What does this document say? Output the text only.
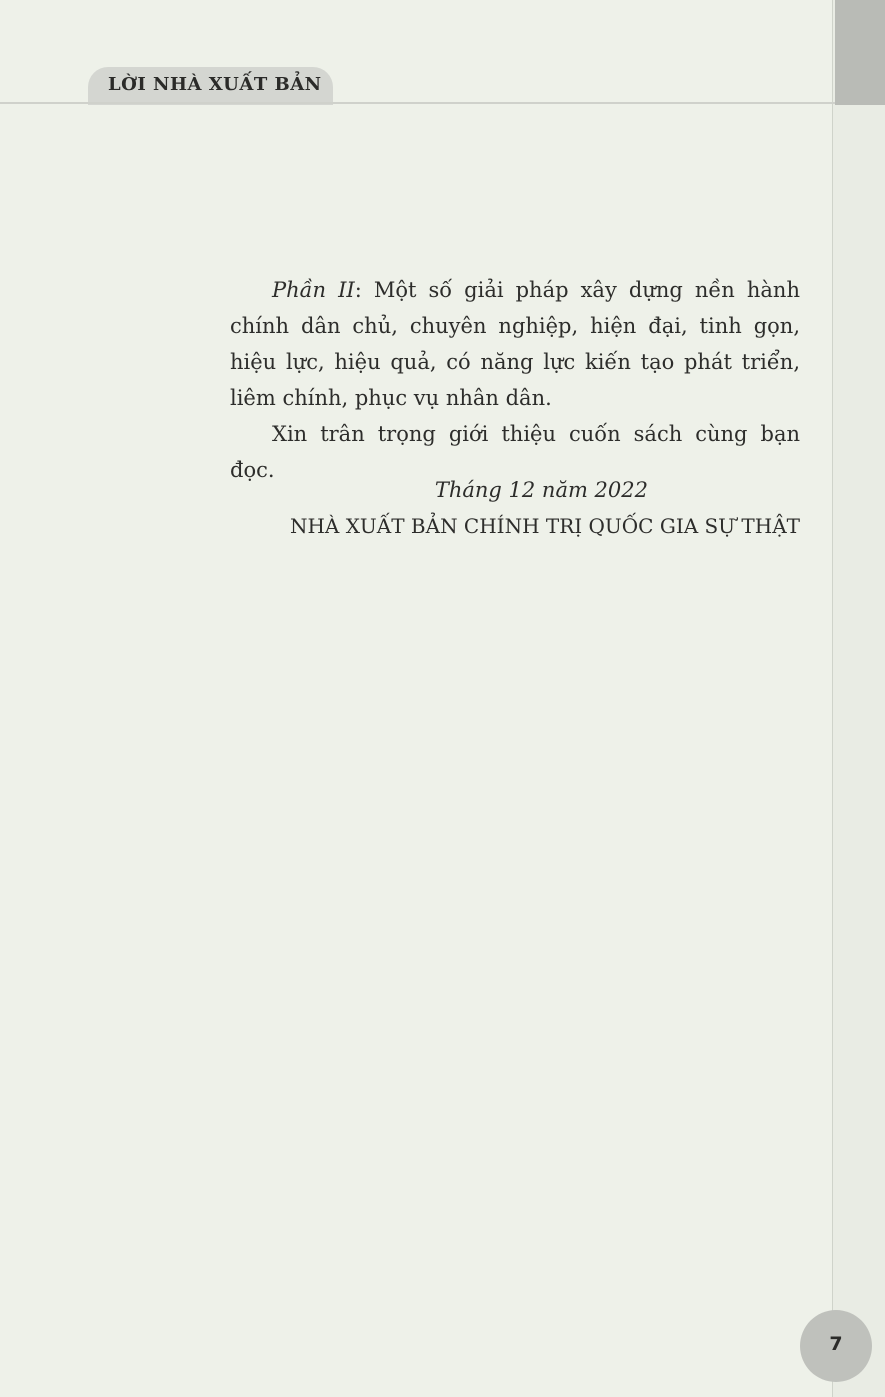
LỜI NHÀ XUẤT BẢN

Phần II: Một số giải pháp xây dựng nền hành chính dân chủ, chuyên nghiệp, hiện đại, tinh gọn, hiệu lực, hiệu quả, có năng lực kiến tạo phát triển, liêm chính, phục vụ nhân dân.

Xin trân trọng giới thiệu cuốn sách cùng bạn đọc.

Tháng 12 năm 2022
NHÀ XUẤT BẢN CHÍNH TRỊ QUỐC GIA SỰ THẬT
7
